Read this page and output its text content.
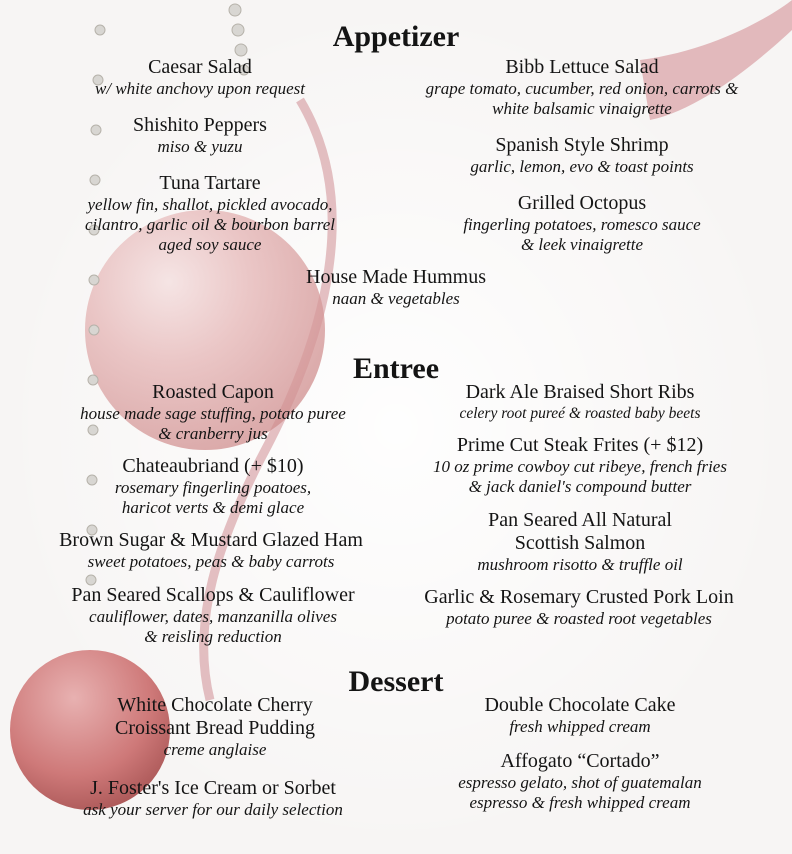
Appetizer
Caesar Salad
w/ white anchovy upon request
Bibb Lettuce Salad
grape tomato, cucumber, red onion, carrots &
white balsamic vinaigrette
Shishito Peppers
miso & yuzu	Spanish Style Shrimp
garlic, lemon, evo & toast points
Tuna Tartare
yellow fin, shallot, pickled avocado,
cilantro, garlic oil & bourbon barrel
aged soy sauce
Grilled Octopus
fingerling potatoes, romesco sauce
& leek vinaigrette
House Made Hummus
naan & vegetables
Entree
Roasted Capon
house made sage stuffing, potato puree
& cranberry jus
Dark Ale Braised Short Ribs
celery root pureé & roasted baby beets
Prime Cut Steak Frites (+ $12)
10 oz prime cowboy cut ribeye, french fries
& jack daniel's compound butter
Chateaubriand (+ $10)
rosemary fingerling poatoes,
haricot verts & demi glace
Pan Seared All Natural
Scottish Salmon
mushroom risotto & truffle oil
Brown Sugar & Mustard Glazed Ham
sweet potatoes, peas & baby carrots
Pan Seared Scallops & Cauliflower
cauliflower, dates, manzanilla olives
& reisling reduction
Garlic & Rosemary Crusted Pork Loin
potato puree & roasted root vegetables
Dessert
White Chocolate Cherry
Croissant Bread Pudding
creme anglaise
Double Chocolate Cake
fresh whipped cream
Affogato “Cortado”
espresso gelato, shot of guatemalan
espresso & fresh whipped cream
J. Foster's Ice Cream or Sorbet
ask your server for our daily selection
